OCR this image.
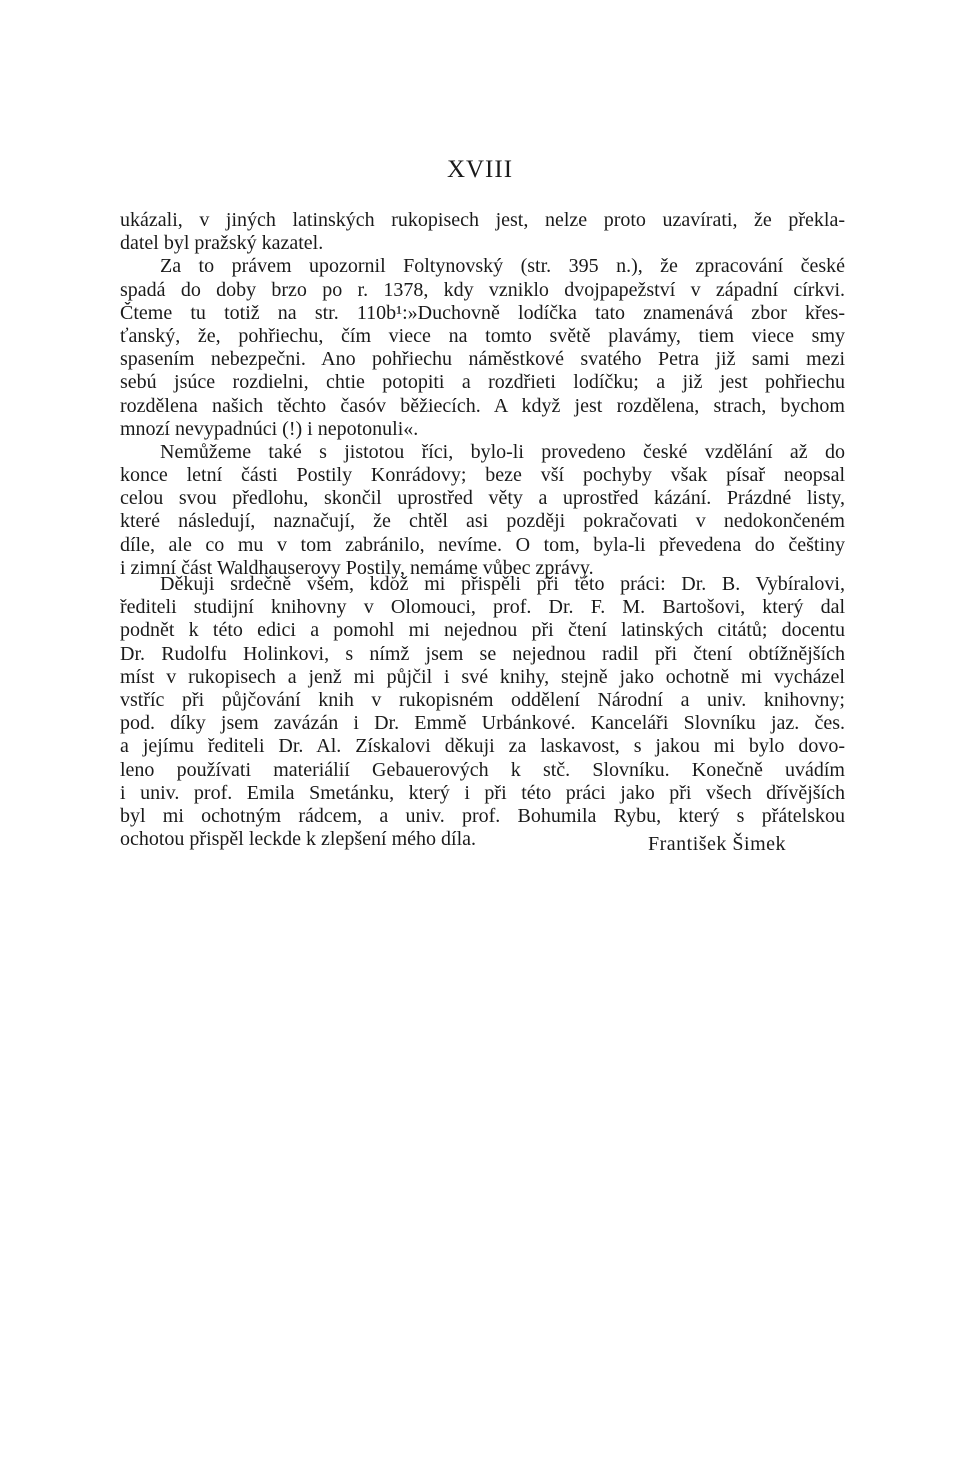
XVIII
ukázali, v jiných latinských rukopisech jest, nelze proto uzavírati, že překla-
datel byl pražský kazatel.
Za to právem upozornil Foltynovský (str. 395 n.), že zpracování české
spadá do doby brzo po r. 1378, kdy vzniklo dvojpapežství v západní církvi.
Čteme tu totiž na str. 110b¹:»Duchovně lodíčka tato znamenává zbor křes-
ťanský, že, pohřiechu, čím viece na tomto světě plavámy, tiem viece smy
spasením nebezpečni. Ano pohřiechu náměstkové svatého Petra již sami mezi
sebú jsúce rozdielni, chtie potopiti a rozdřieti lodíčku; a již jest pohřiechu
rozdělena našich těchto časóv běžiecích. A když jest rozdělena, strach, bychom
mnozí nevypadnúci (!) i nepotonuli«.
Nemůžeme také s jistotou říci, bylo-li provedeno české vzdělání až do
konce letní části Postily Konrádovy; beze vší pochyby však písař neopsal
celou svou předlohu, skončil uprostřed věty a uprostřed kázání. Prázdné listy,
které následují, naznačují, že chtěl asi později pokračovati v nedokončeném
díle, ale co mu v tom zabránilo, nevíme. O tom, byla-li převedena do češtiny
i zimní část Waldhauserovy Postily, nemáme vůbec zprávy.
Děkuji srdečně všem, kdož mi přispěli při této práci: Dr. B. Vybíralovi,
řediteli studijní knihovny v Olomouci, prof. Dr. F. M. Bartošovi, který dal
podnět k této edici a pomohl mi nejednou při čtení latinských citátů; docentu
Dr. Rudolfu Holinkovi, s nímž jsem se nejednou radil při čtení obtížnějších
míst v rukopisech a jenž mi půjčil i své knihy, stejně jako ochotně mi vycházel
vstříc při půjčování knih v rukopisném oddělení Národní a univ. knihovny;
pod. díky jsem zavázán i Dr. Emmě Urbánkové. Kanceláři Slovníku jaz. čes.
a jejímu řediteli Dr. Al. Získalovi děkuji za laskavost, s jakou mi bylo dovo-
leno používati materiálií Gebauerových k stč. Slovníku. Konečně uvádím
i univ. prof. Emila Smetánku, který i při této práci jako při všech dřívějších
byl mi ochotným rádcem, a univ. prof. Bohumila Rybu, který s přátelskou
ochotou přispěl leckde k zlepšení mého díla.	František Šimek
